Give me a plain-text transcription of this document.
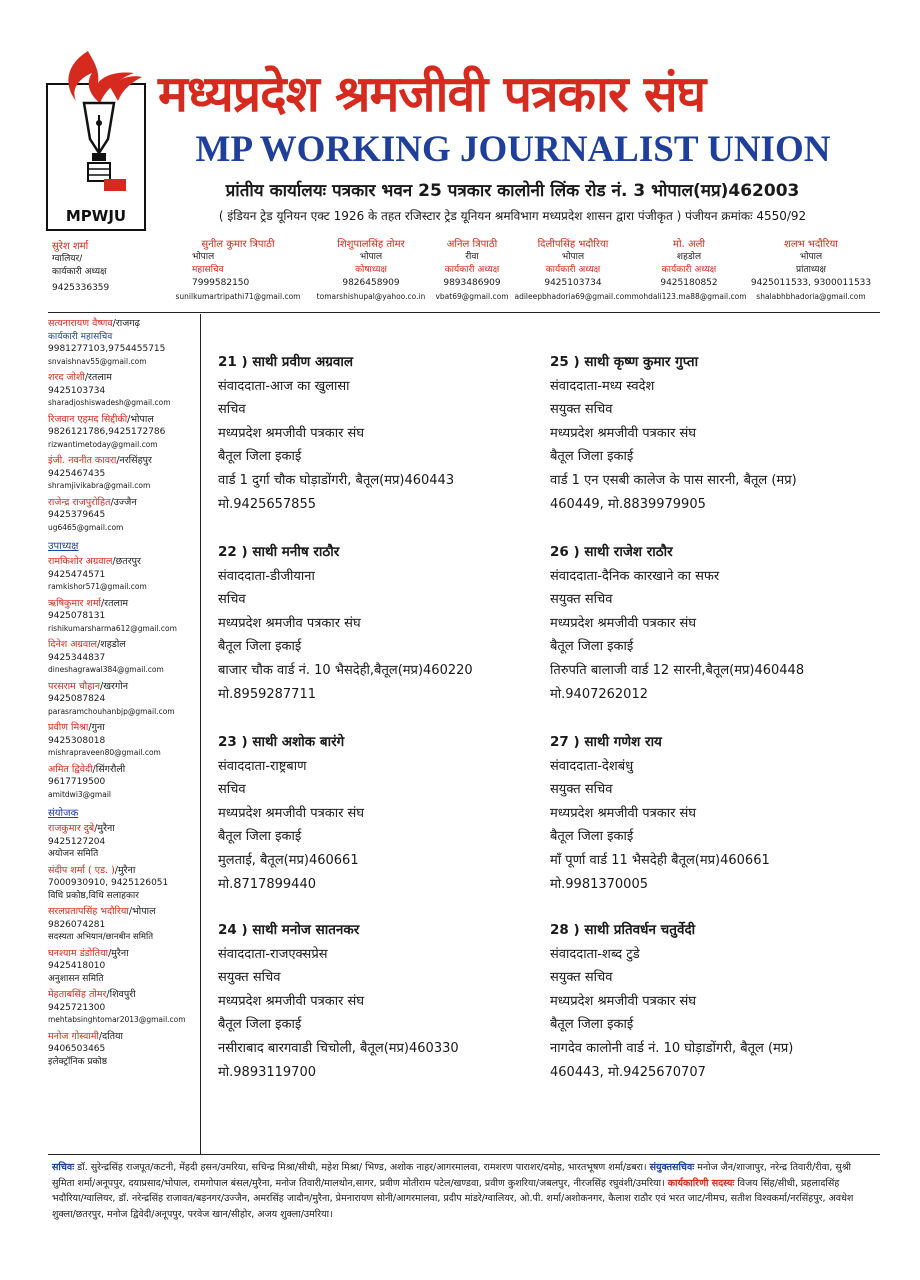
MPWJU
मध्यप्रदेश श्रमजीवी पत्रकार संघ
MP WORKING JOURNALIST UNION
प्रांतीय कार्यालयः पत्रकार भवन 25 पत्रकार कालोनी लिंक रोड नं. 3 भोपाल(मप्र)462003
( इंडियन ट्रेड यूनियन एक्ट 1926 के तहत रजिस्टार ट्रेड यूनियन श्रमविभाग मध्यप्रदेश शासन द्वारा पंजीकृत ) पंजीयन क्रमांकः 4550/92
सुरेश शर्मा
ग्वालियर/
कार्यकारी अध्यक्ष
9425336359
सुनील कुमार त्रिपाठी
भोपाल
महासचिव
7999582150
sunilkumartripathi71@gmail.com
शिशुपालसिंह तोमर
भोपाल
कोषाध्यक्ष
9826458909
tomarshishupal@yahoo.co.in
अनिल त्रिपाठी
रीवा
कार्यकारी अध्यक्ष
9893486909
vbat69@gmail.com
दिलीपसिंह भदौरिया
भोपाल
कार्यकारी अध्यक्ष
9425103734
adileepbhadoria69@gmail.com
मो. अली
शहडोल
कार्यकारी अध्यक्ष
9425180852
mohdali123.ma88@gmail.com
शलभ भदौरिया
भोपाल
प्रांताध्यक्ष
9425011533, 9300011533
shalabhbhadoria@gmail.com
सत्यनारायण वैष्णव/राजगढ़
कार्यकारी महासचिव
9981277103,9754455715
snvaishnav55@gmail.com
शरद जोशी/रतलाम
9425103734
sharadjoshiswadesh@gmail.com
रिजवान एहमद सिद्दीकी/भोपाल
9826121786,9425172786
rizwantimetoday@gmail.com
इंजी. नवनीत कावरा/नरसिंहपुर
9425467435
shramjivikabra@gmail.com
राजेन्द्र राजपुरोहित/उज्जैन
9425379645
ug6465@gmail.com
उपाध्यक्ष
रामकिशोर अग्रवाल/छतरपुर
9425474571
ramkishor571@gmail.com
ऋषिकुमार शर्मा/रतलाम
9425078131
rishikumarsharma612@gmail.com
दिनेश अग्रवाल/शहडोल
9425344837
dineshagrawal384@gmail.com
परसराम चौहान/खरगोन
9425087824
parasramchouhanbjp@gmail.com
प्रवीण मिश्रा/गुना
9425308018
mishrapraveen80@gmail.com
अमित द्विवेदी/सिंगरौली
9617719500
amitdwi3@gmail
संयोजक
राजकुमार दुबे/मुरैना
9425127204
अयोजन समिति
संदीप शर्मा ( एड. )/मुरैना
7000930910, 9425126051
विधि प्रकोष्ठ,विधि सलाहकार
सरलप्रतापसिंह भदौरिया/भोपाल
9826074281
सदस्यता अभियान/छानबीन समिति
घनश्याम डंडोतिया/मुरैना
9425418010
अनुशासन समिति
मेहताबसिंह तोमर/शिवपुरी
9425721300
mehtabsinghtomar2013@gmail.com
मनोज गोस्वामी/दतिया
9406503465
इलेक्ट्रॉनिक प्रकोष्ठ
21 ) साथी प्रवीण अग्रवाल
संवाददाता-आज का खुलासा
सचिव
मध्यप्रदेश श्रमजीवी पत्रकार संघ
बैतूल जिला इकाई
वार्ड 1 दुर्गा चौक घोड़ाडोंगरी, बैतूल(मप्र)460443
मो.9425657855
25 ) साथी कृष्ण कुमार गुप्ता
संवाददाता-मध्य स्वदेश
सयुक्त सचिव
मध्यप्रदेश श्रमजीवी पत्रकार संघ
बैतूल जिला इकाई
वार्ड 1 एन एसबी कालेज के पास सारनी, बैतूल (मप्र)
460449, मो.8839979905
22 ) साथी मनीष राठौर
संवाददाता-डीजीयाना
सचिव
मध्यप्रदेश श्रमजीव पत्रकार संघ
बैतूल जिला इकाई
बाजार चौक वार्ड नं. 10 भैसदेही,बैतूल(मप्र)460220
मो.8959287711
26 ) साथी राजेश राठौर
संवाददाता-दैनिक कारखाने का सफर
सयुक्त सचिव
मध्यप्रदेश श्रमजीवी पत्रकार संघ
बैतूल जिला इकाई
तिरुपति बालाजी वार्ड 12 सारनी,बैतूल(मप्र)460448
मो.9407262012
23 ) साथी अशोक बारंगे
संवाददाता-राष्ट्रबाण
सचिव
मध्यप्रदेश श्रमजीवी पत्रकार संघ
बैतूल जिला इकाई
मुलताई, बैतूल(मप्र)460661
मो.8717899440
27 ) साथी गणेश राय
संवाददाता-देशबंधु
सयुक्त सचिव
मध्यप्रदेश श्रमजीवी पत्रकार संघ
बैतूल जिला इकाई
माँ पूर्णा वार्ड 11 भैसदेही बैतूल(मप्र)460661
मो.9981370005
24 ) साथी मनोज सातनकर
संवाददाता-राजएक्सप्रेस
सयुक्त सचिव
मध्यप्रदेश श्रमजीवी पत्रकार संघ
बैतूल जिला इकाई
नसीराबाद बारगवाडी चिचोली, बैतूल(मप्र)460330
मो.9893119700
28 ) साथी प्रतिवर्धन चतुर्वेदी
संवाददाता-शब्द टुडे
सयुक्त सचिव
मध्यप्रदेश श्रमजीवी पत्रकार संघ
बैतूल जिला इकाई
नागदेव कालोनी वार्ड नं. 10 घोड़ाडोंगरी, बैतूल (मप्र)
460443, मो.9425670707
सचिवः डॉ. सुरेन्द्रसिंह राजपूत/कटनी, मेंहदी हसन/उमरिया, सचिन्द्र मिश्रा/सीधी, महेश मिश्रा/ भिण्ड, अशोक नाहर/आगरमालवा, रामशरण पाराशर/दमोह, भारतभूषण शर्मा/डबरा। संयुक्तसचिवः मनोज जैन/शाजापुर, नरेन्द्र तिवारी/रीवा, सुश्री सुमिता शर्मा/अनूपपुर, दयाप्रसाद/भोपाल, रामगोपाल बंसल/मुरैना, मनोज तिवारी/मालथोन,सागर, प्रवीण मोतीराम पटेल/खण्डवा, प्रवीण कुशरिया/जबलपुर, नीरजसिंह रघुवंशी/उमरिया। कार्यकारिणी सदस्यः विजय सिंह/सीधी, प्रहलादसिंह भदौरिया/ग्वालियर, डॉ. नरेन्द्रसिंह राजावत/बड़नगर/उज्जैन, अमरसिंह जादौन/मुरैना, प्रेमनारायण सोनी/आगरमालवा, प्रदीप मांडरे/ग्वालियर, ओ.पी. शर्मा/अशोकनगर, कैलाश राठौर एवं भरत जाट/नीमच, सतीश विश्वकर्मा/नरसिंहपुर, अवधेश शुक्ला/छतरपुर, मनोज द्विवेदी/अनूपपुर, परवेज खान/सीहोर, अजय शुक्ला/उमरिया।
